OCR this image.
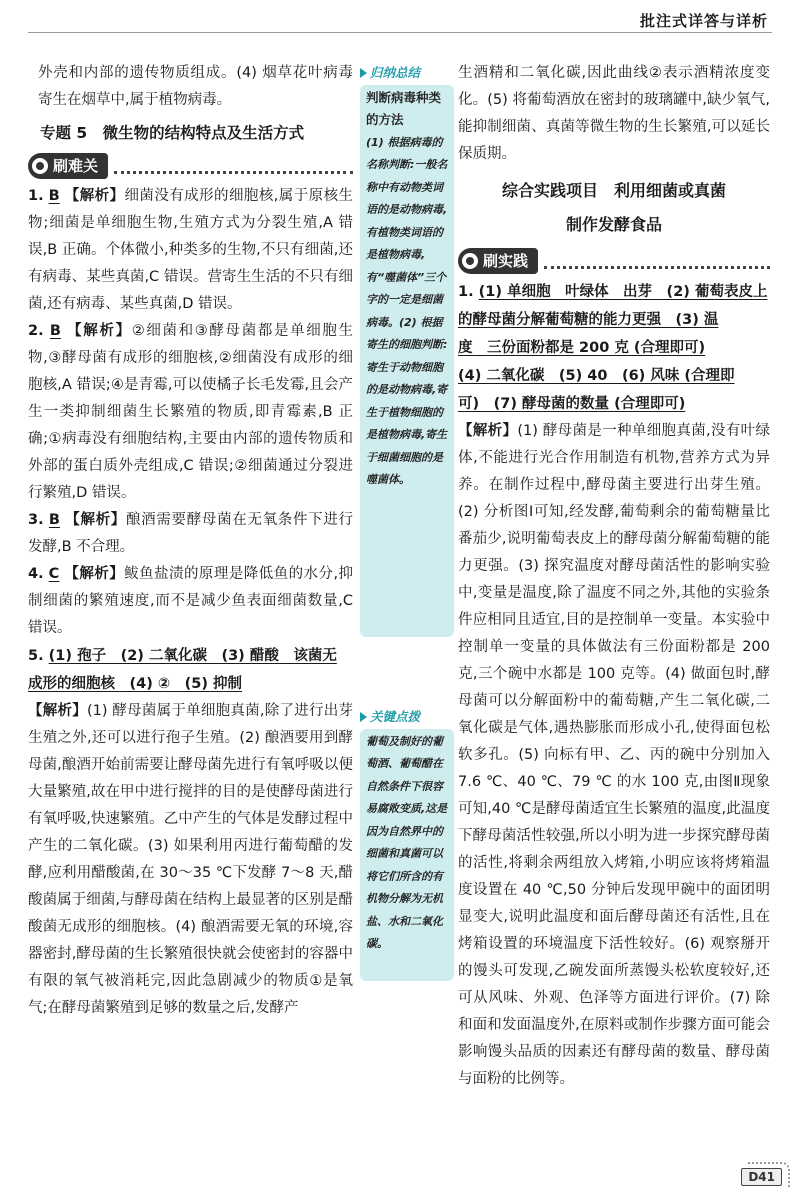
批注式详答与详析

外壳和内部的遗传物质组成。(4) 烟草花叶病毒寄生在烟草中,属于植物病毒。

专题 5　微生物的结构特点及生活方式

刷难关

1. B 【解析】细菌没有成形的细胞核,属于原核生物;细菌是单细胞生物,生殖方式为分裂生殖,A 错误,B 正确。个体微小,种类多的生物,不只有细菌,还有病毒、某些真菌,C 错误。营寄生生活的不只有细菌,还有病毒、某些真菌,D 错误。

2. B 【解析】②细菌和③酵母菌都是单细胞生物,③酵母菌有成形的细胞核,②细菌没有成形的细胞核,A 错误;④是青霉,可以使橘子长毛发霉,且会产生一类抑制细菌生长繁殖的物质,即青霉素,B 正确;①病毒没有细胞结构,主要由内部的遗传物质和外部的蛋白质外壳组成,C 错误;②细菌通过分裂进行繁殖,D 错误。

3. B 【解析】酿酒需要酵母菌在无氧条件下进行发酵,B 不合理。

4. C 【解析】鲅鱼盐渍的原理是降低鱼的水分,抑制细菌的繁殖速度,而不是减少鱼表面细菌数量,C 错误。

5. (1) 孢子　(2) 二氧化碳　(3) 醋酸　该菌无
成形的细胞核　(4) ②　(5) 抑制

【解析】(1) 酵母菌属于单细胞真菌,除了进行出芽生殖之外,还可以进行孢子生殖。(2) 酿酒要用到酵母菌,酿酒开始前需要让酵母菌先进行有氧呼吸以便大量繁殖,故在甲中进行搅拌的目的是使酵母菌进行有氧呼吸,快速繁殖。乙中产生的气体是发酵过程中产生的二氧化碳。(3) 如果利用丙进行葡萄醋的发酵,应利用醋酸菌,在 30～35 ℃下发酵 7～8 天,醋酸菌属于细菌,与酵母菌在结构上最显著的区别是醋酸菌无成形的细胞核。(4) 酿酒需要无氧的环境,容器密封,酵母菌的生长繁殖很快就会使密封的容器中有限的氧气被消耗完,因此急剧减少的物质①是氧气;在酵母菌繁殖到足够的数量之后,发酵产

归纳总结
判断病毒种类的方法
(1) 根据病毒的名称判断:一般名称中有动物类词语的是动物病毒,有植物类词语的是植物病毒,有“噬菌体”三个字的一定是细菌病毒。(2) 根据寄生的细胞判断:寄生于动物细胞的是动物病毒,寄生于植物细胞的是植物病毒,寄生于细菌细胞的是噬菌体。
关键点拨
葡萄及制好的葡萄酒、葡萄醋在自然条件下很容易腐败变质,这是因为自然界中的细菌和真菌可以将它们所含的有机物分解为无机盐、水和二氧化碳。

生酒精和二氧化碳,因此曲线②表示酒精浓度变化。(5) 将葡萄酒放在密封的玻璃罐中,缺少氧气,能抑制细菌、真菌等微生物的生长繁殖,可以延长保质期。

综合实践项目　利用细菌或真菌

制作发酵食品

刷实践

1. (1) 单细胞　叶绿体　出芽　(2) 葡萄表皮上
的酵母菌分解葡萄糖的能力更强　(3) 温
度　三份面粉都是 200 克 (合理即可)
(4) 二氧化碳　(5) 40　(6) 风味 (合理即
可)　(7) 酵母菌的数量 (合理即可)

【解析】(1) 酵母菌是一种单细胞真菌,没有叶绿体,不能进行光合作用制造有机物,营养方式为异养。在制作过程中,酵母菌主要进行出芽生殖。(2) 分析图Ⅰ可知,经发酵,葡萄剩余的葡萄糖量比番茄少,说明葡萄表皮上的酵母菌分解葡萄糖的能力更强。(3) 探究温度对酵母菌活性的影响实验中,变量是温度,除了温度不同之外,其他的实验条件应相同且适宜,目的是控制单一变量。本实验中控制单一变量的具体做法有三份面粉都是 200 克,三个碗中水都是 100 克等。(4) 做面包时,酵母菌可以分解面粉中的葡萄糖,产生二氧化碳,二氧化碳是气体,遇热膨胀而形成小孔,使得面包松软多孔。(5) 向标有甲、乙、丙的碗中分别加入 7.6 ℃、40 ℃、79 ℃ 的水 100 克,由图Ⅱ现象可知,40 ℃是酵母菌适宜生长繁殖的温度,此温度下酵母菌活性较强,所以小明为进一步探究酵母菌的活性,将剩余两组放入烤箱,小明应该将烤箱温度设置在 40 ℃,50 分钟后发现甲碗中的面团明显变大,说明此温度和面后酵母菌还有活性,且在烤箱设置的环境温度下活性较好。(6) 观察掰开的馒头可发现,乙碗发面所蒸馒头松软度较好,还可从风味、外观、色泽等方面进行评价。(7) 除和面和发面温度外,在原料或制作步骤方面可能会影响馒头品质的因素还有酵母菌的数量、酵母菌与面粉的比例等。

D41
